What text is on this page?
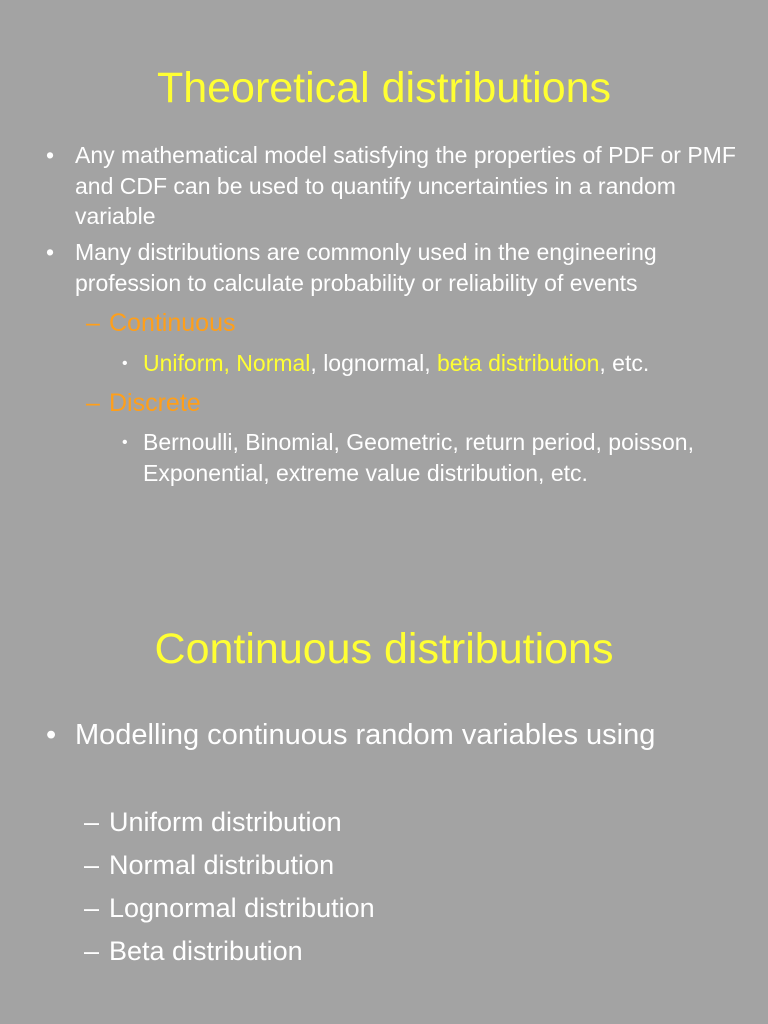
Theoretical distributions
• Any mathematical model satisfying the properties of PDF or PMF and CDF can be used to quantify uncertainties in a random variable
• Many distributions are commonly used in the engineering profession to calculate probability or reliability of events
– Continuous
• Uniform, Normal, lognormal, beta distribution, etc.
– Discrete
• Bernoulli, Binomial, Geometric, return period, poisson, Exponential, extreme value distribution, etc.
Continuous distributions
• Modelling continuous random variables using
– Uniform distribution
– Normal distribution
– Lognormal distribution
– Beta distribution
